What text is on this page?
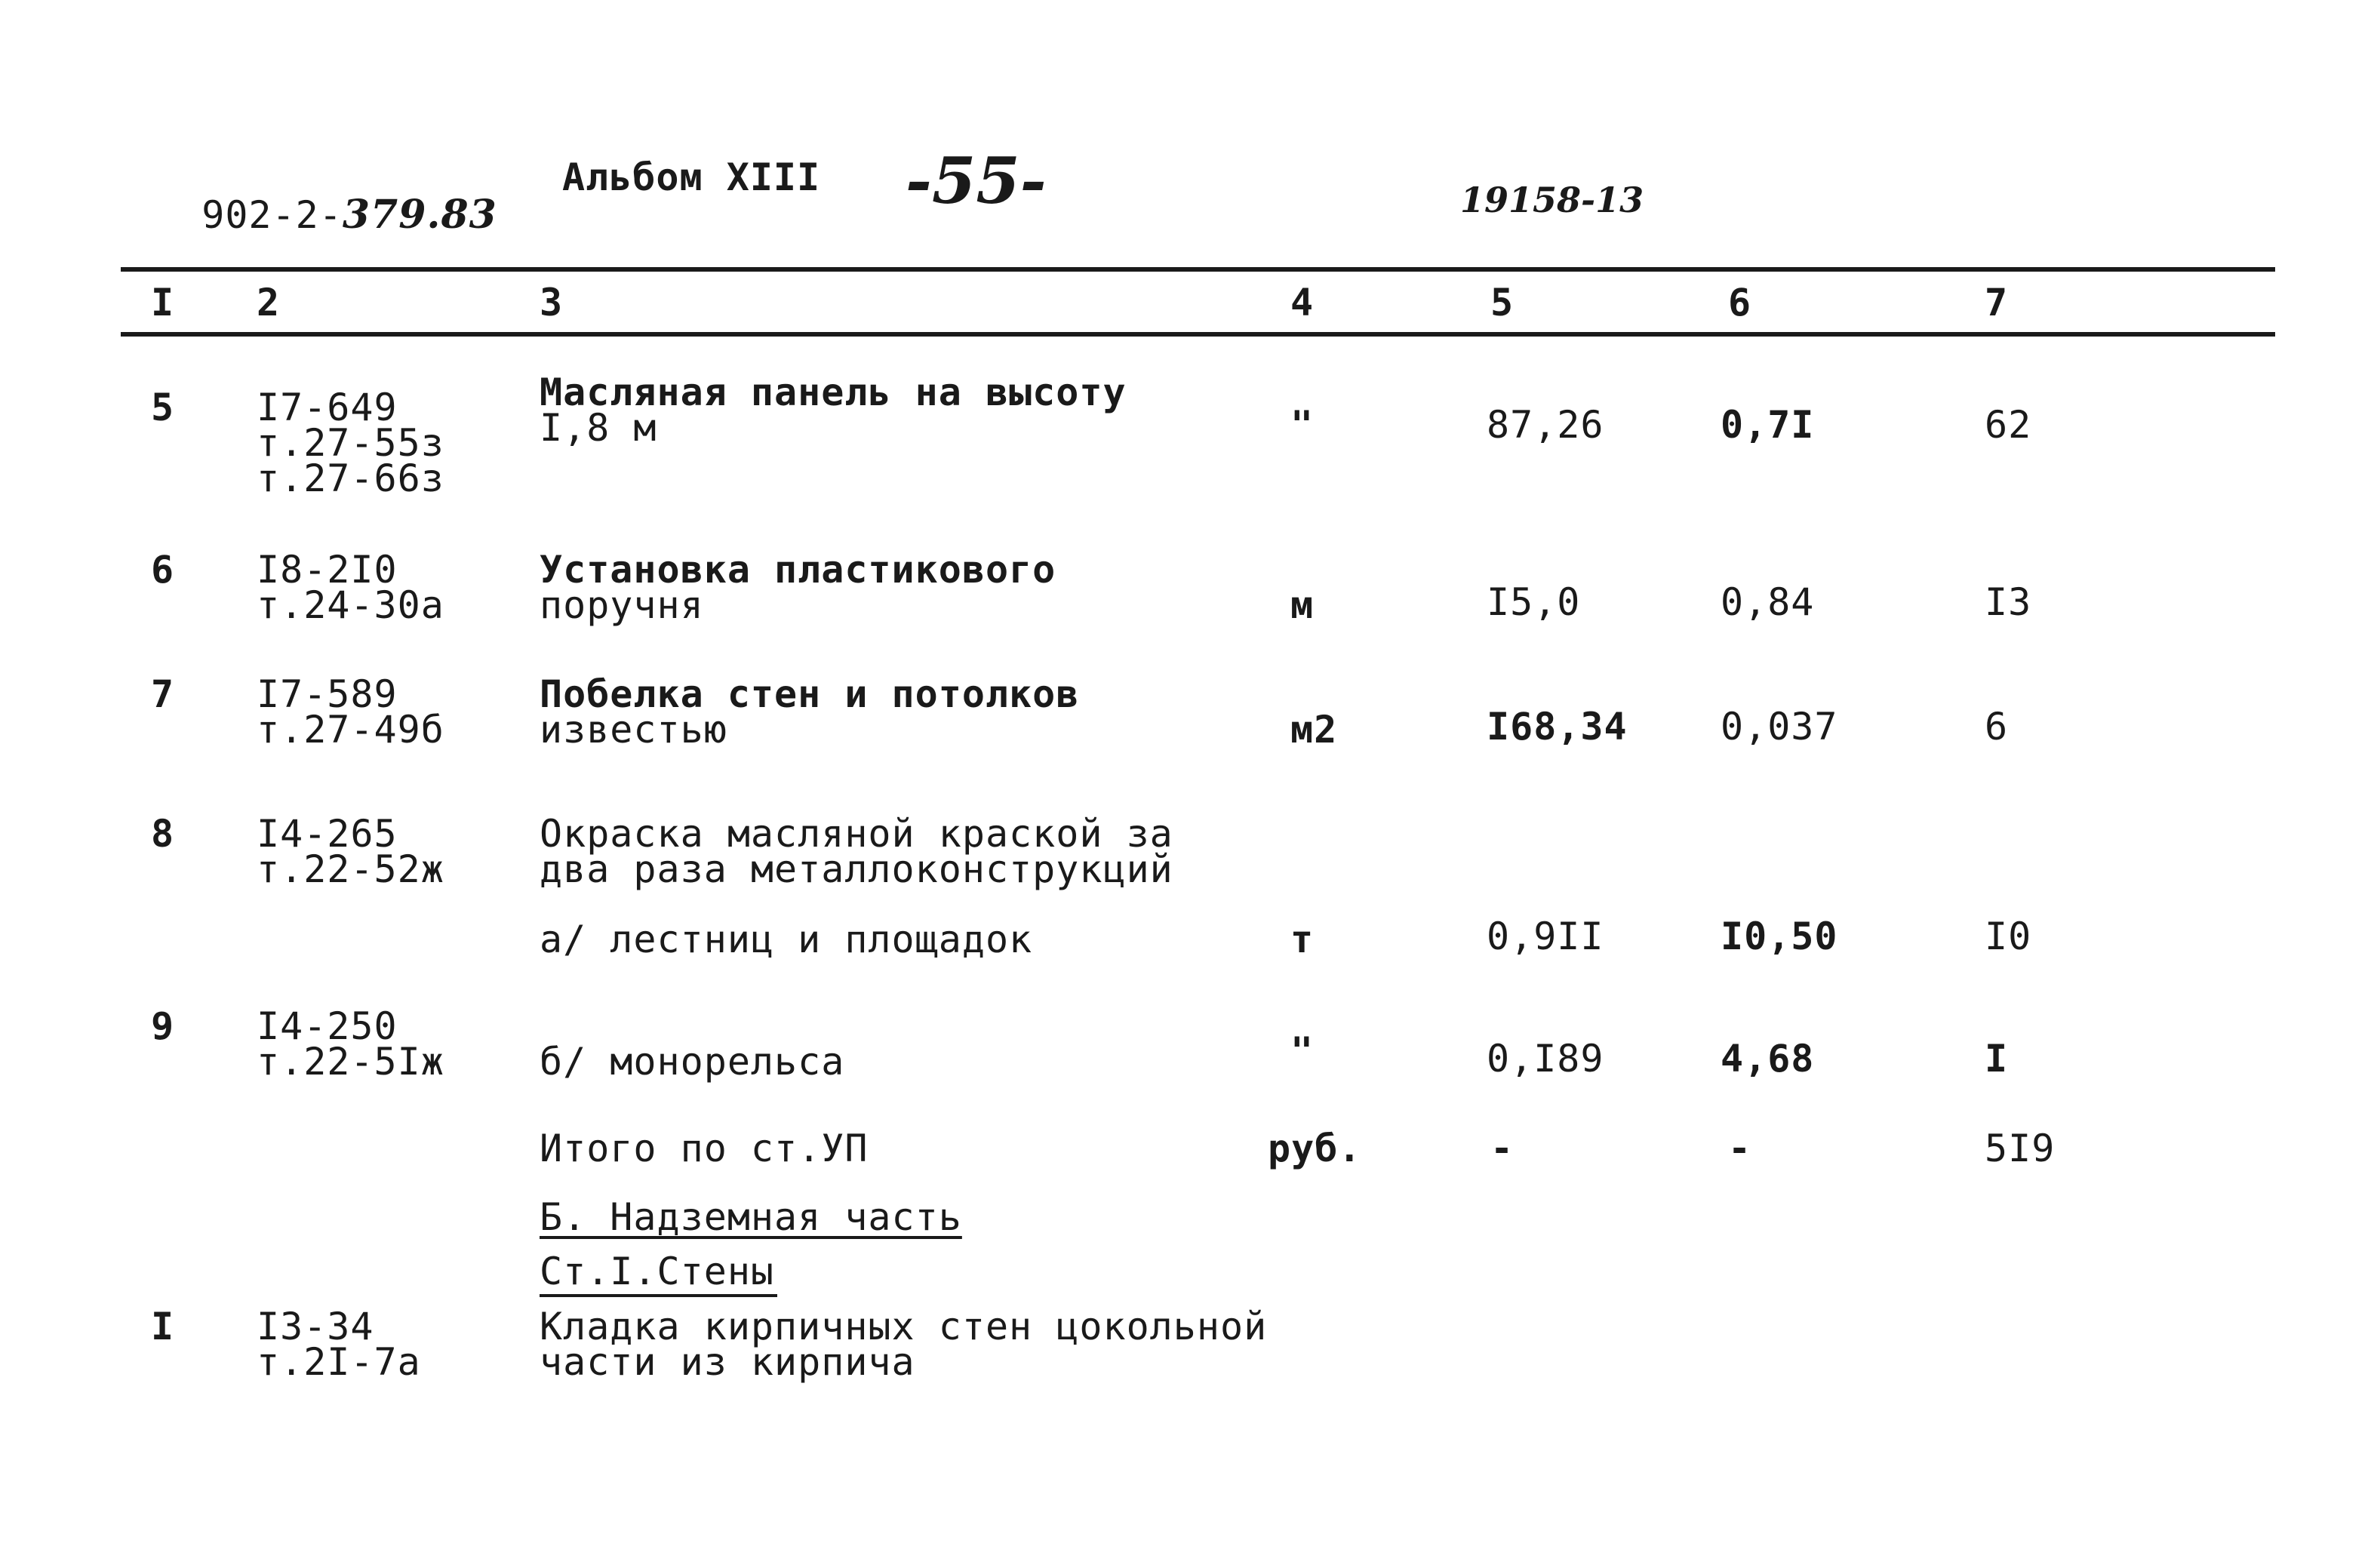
902-2-379.83

Альбом XIII -55-	19158-13
I 2	3	4	5	6	7
5 I7-649
т.27-55з
т.27-66з
Масляная панель на высоту
I,8 м	"	87,26	0,7I	62
6 I8-2I0
т.24-30а
Установка пластикового
поручня	м	I5,0	0,84	I3
7 I7-589
т.27-49б
Побелка стен и потолков
известью	м2	I68,34 0,037	6
8 I4-265
т.22-52ж
Окраска масляной краской за
два раза металлоконструкций
а/ лестниц и площадок	т	0,9II	I0,50	I0
9 I4-250
т.22-5Iж	б/ монорельса	"	0,I89	4,68	I
Итого по ст.УП	руб.	-	-	5I9
Б. Надземная часть
Ст.I.Стены
I I3-34
т.2I-7а
Кладка кирпичных стен цокольной
части из кирпича
